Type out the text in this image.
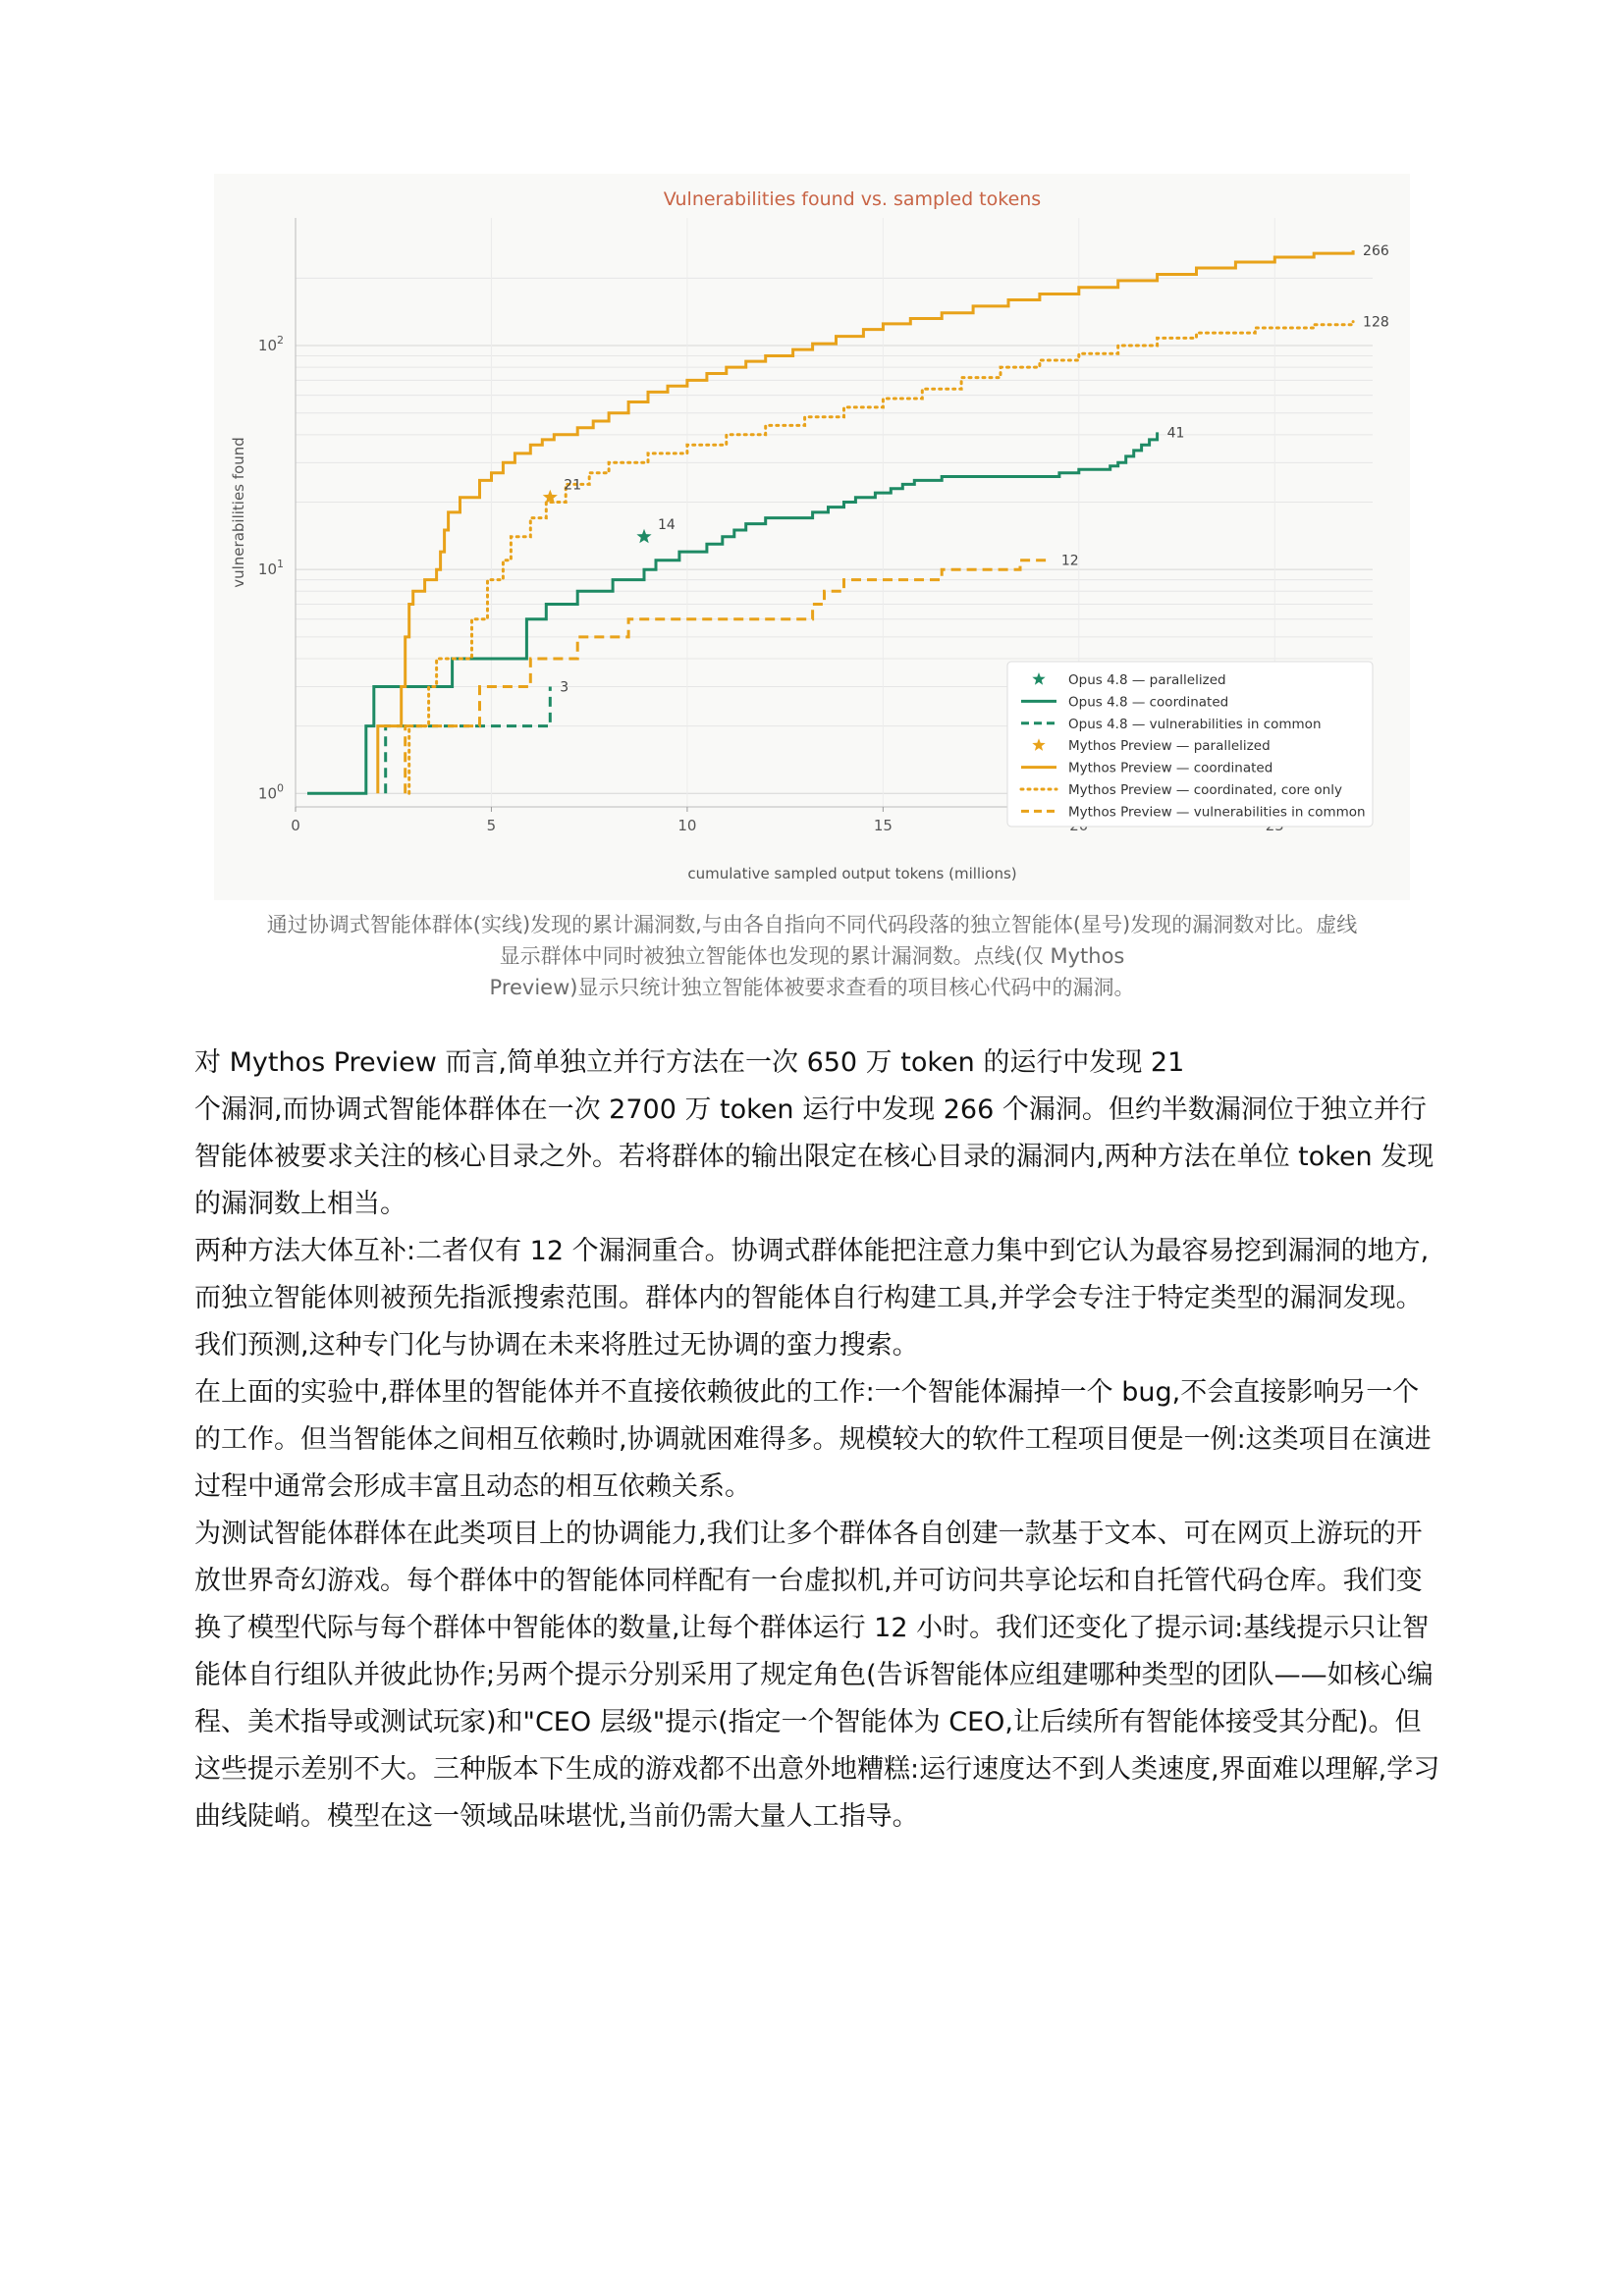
Vulnerabilities found vs. sampled tokens
0	5	10	15
$10^0$
$10^1$
$10^2$
cumulative sampled output tokens (millions)
vulnerabilities found	14
41
3
21
266
128
12
Opus 4.8 — parallelized
Opus 4.8 — coordinated
Opus 4.8 — vulnerabilities in common
Mythos Preview — parallelized
Mythos Preview — coordinated
Mythos Preview — coordinated, core only
Mythos Preview — vulnerabilities in common

通过协调式智能体群体(实线)发现的累计漏洞数,与由各自指向不同代码段落的独立智能体(星号)发现的漏洞数对比。虚线

显示群体中同时被独立智能体也发现的累计漏洞数。点线(仅 Mythos

Preview)显示只统计独立智能体被要求查看的项目核心代码中的漏洞。

对 Mythos Preview 而言,简单独立并行方法在一次 650 万 token 的运行中发现 21

个漏洞,而协调式智能体群体在一次 2700 万 token 运行中发现 266 个漏洞。但约半数漏洞位于独立并行智能体被要求关注的核心目录之外。若将群体的输出限定在核心目录的漏洞内,两种方法在单位 token 发现的漏洞数上相当。

两种方法大体互补:二者仅有 12 个漏洞重合。协调式群体能把注意力集中到它认为最容易挖到漏洞的地方,而独立智能体则被预先指派搜索范围。群体内的智能体自行构建工具,并学会专注于特定类型的漏洞发现。我们预测,这种专门化与协调在未来将胜过无协调的蛮力搜索。

在上面的实验中,群体里的智能体并不直接依赖彼此的工作:一个智能体漏掉一个 bug,不会直接影响另一个的工作。但当智能体之间相互依赖时,协调就困难得多。规模较大的软件工程项目便是一例:这类项目在演进过程中通常会形成丰富且动态的相互依赖关系。

为测试智能体群体在此类项目上的协调能力,我们让多个群体各自创建一款基于文本、可在网页上游玩的开放世界奇幻游戏。每个群体中的智能体同样配有一台虚拟机,并可访问共享论坛和自托管代码仓库。我们变换了模型代际与每个群体中智能体的数量,让每个群体运行 12 小时。我们还变化了提示词:基线提示只让智能体自行组队并彼此协作;另两个提示分别采用了规定角色(告诉智能体应组建哪种类型的团队——如核心编程、美术指导或测试玩家)和"CEO 层级"提示(指定一个智能体为 CEO,让后续所有智能体接受其分配)。但这些提示差别不大。三种版本下生成的游戏都不出意外地糟糕:运行速度达不到人类速度,界面难以理解,学习曲线陡峭。模型在这一领域品味堪忧,当前仍需大量人工指导。
